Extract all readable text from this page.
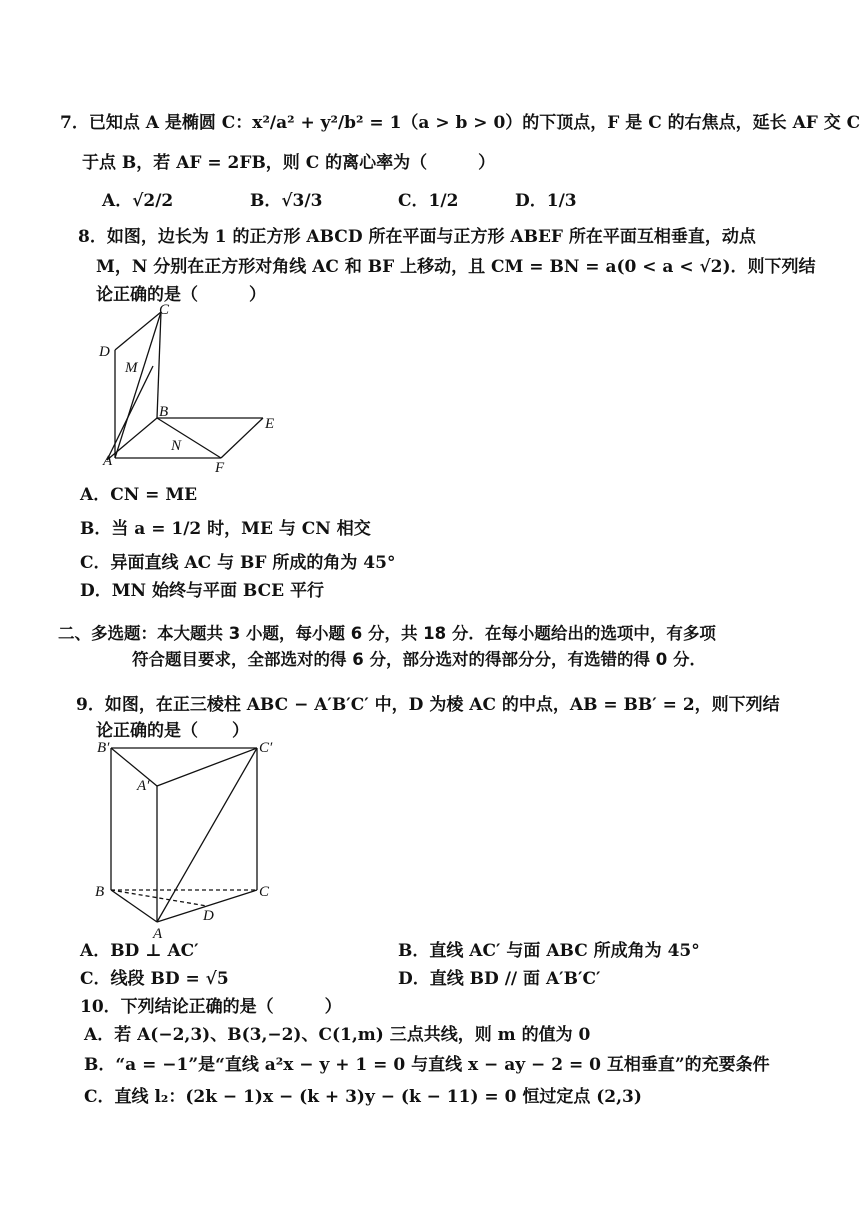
7．已知点 A 是椭圆 C：x²/a² + y²/b² = 1（a > b > 0）的下顶点，F 是 C 的右焦点，延长 AF 交 C
于点 B，若 AF = 2FB，则 C 的离心率为（　　　）
A．√2/2	B．√3/3	C．1/2	D．1/3
8．如图，边长为 1 的正方形 ABCD 所在平面与正方形 ABEF 所在平面互相垂直，动点
M，N 分别在正方形对角线 AC 和 BF 上移动，且 CM = BN = a(0 < a < √2)．则下列结
论正确的是（　　　）
C
D
M
B
E
N
A	F
A．CN = ME
B．当 a = 1/2 时，ME 与 CN 相交
C．异面直线 AC 与 BF 所成的角为 45°
D．MN 始终与平面 BCE 平行
二、多选题：本大题共 3 小题，每小题 6 分，共 18 分．在每小题给出的选项中，有多项
符合题目要求，全部选对的得 6 分，部分选对的得部分分，有选错的得 0 分．
9．如图，在正三棱柱 ABC − A′B′C′ 中，D 为棱 AC 的中点，AB = BB′ = 2，则下列结
论正确的是（　　）
B′	C′
A′
B	C
D
A
A．BD ⊥ AC′	B．直线 AC′ 与面 ABC 所成角为 45°
C．线段 BD = √5	D．直线 BD // 面 A′B′C′
10．下列结论正确的是（　　　）
A．若 A(−2,3)、B(3,−2)、C(1,m) 三点共线，则 m 的值为 0
B．“a = −1”是“直线 a²x − y + 1 = 0 与直线 x − ay − 2 = 0 互相垂直”的充要条件
C．直线 l₂：(2k − 1)x − (k + 3)y − (k − 11) = 0 恒过定点 (2,3)
